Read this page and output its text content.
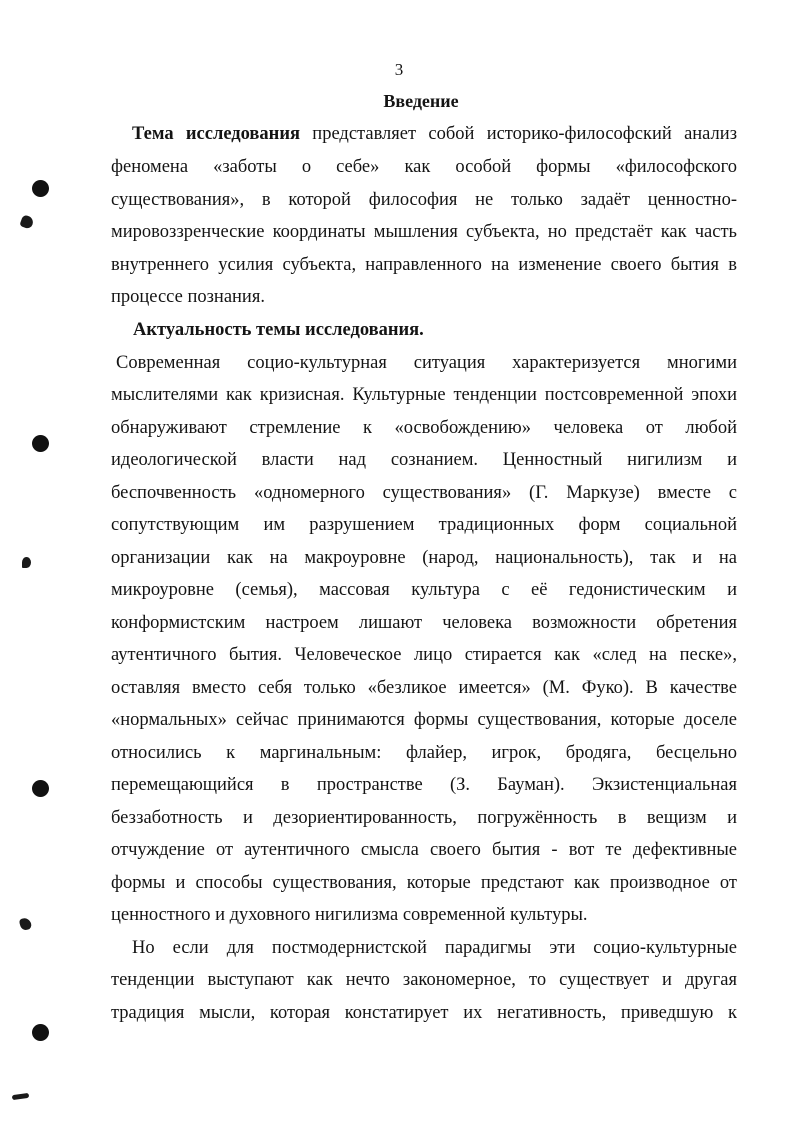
3
Введение
Тема исследования представляет собой историко-философский анализ
феномена «заботы о себе» как особой формы «философского
существования», в которой философия не только задаёт ценностно-
мировоззренческие координаты мышления субъекта, но предстаёт как часть
внутреннего усилия субъекта, направленного на изменение своего бытия в
процессе познания.
Актуальность темы исследования.
Современная социо-культурная ситуация характеризуется многими
мыслителями как кризисная. Культурные тенденции постсовременной эпохи
обнаруживают стремление к «освобождению» человека от любой
идеологической власти над сознанием. Ценностный нигилизм и
беспочвенность «одномерного существования» (Г. Маркузе) вместе с
сопутствующим им разрушением традиционных форм социальной
организации как на макроуровне (народ, национальность), так и на
микроуровне (семья), массовая культура с её гедонистическим и
конформистским настроем лишают человека возможности обретения
аутентичного бытия. Человеческое лицо стирается как «след на песке»,
оставляя вместо себя только «безликое имеется» (М. Фуко). В качестве
«нормальных» сейчас принимаются формы существования, которые доселе
относились к маргинальным: флайер, игрок, бродяга, бесцельно
перемещающийся в пространстве (З. Бауман). Экзистенциальная
беззаботность и дезориентированность, погружённость в вещизм и
отчуждение от аутентичного смысла своего бытия - вот те дефективные
формы и способы существования, которые предстают как производное от
ценностного и духовного нигилизма современной культуры.
Но если для постмодернистской парадигмы эти социо-культурные
тенденции выступают как нечто закономерное, то существует и другая
традиция мысли, которая констатирует их негативность, приведшую к
